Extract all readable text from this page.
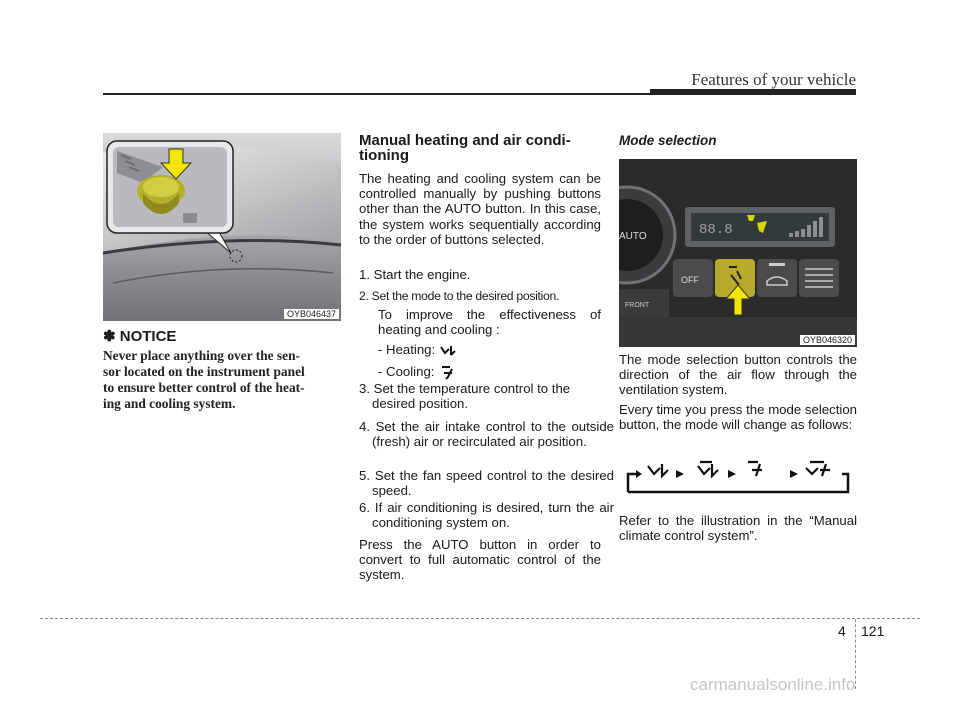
Features of your vehicle
OYB046437
✽ NOTICE
Never place anything over the sen-
sor located on the instrument panel
to ensure better control of the heat-
ing and cooling system.
Manual heating and air condi-
tioning
The heating and cooling system can be controlled manually by pushing buttons other than the AUTO button. In this case, the system works sequentially according to the order of buttons selected.
1. Start the engine.
2. Set the mode to the desired position.
To improve the effectiveness of heating and cooling :
- Heating:
- Cooling:
3. Set the temperature control to the desired position.
4. Set the air intake control to the outside (fresh) air or recirculated air position.
5. Set the fan speed control to the desired speed.
6. If air conditioning is desired, turn the air conditioning system on.
Press the AUTO button in order to convert to full automatic control of the system.
Mode selection
AUTO	88.8
OFF
FRONT
OYB046320
The mode selection button controls the direction of the air flow through the ventilation system.
Every time you press the mode selection button, the mode will change as follows:
Refer to the illustration in the “Manual climate control system”.
4 121
carmanualsonline.info
